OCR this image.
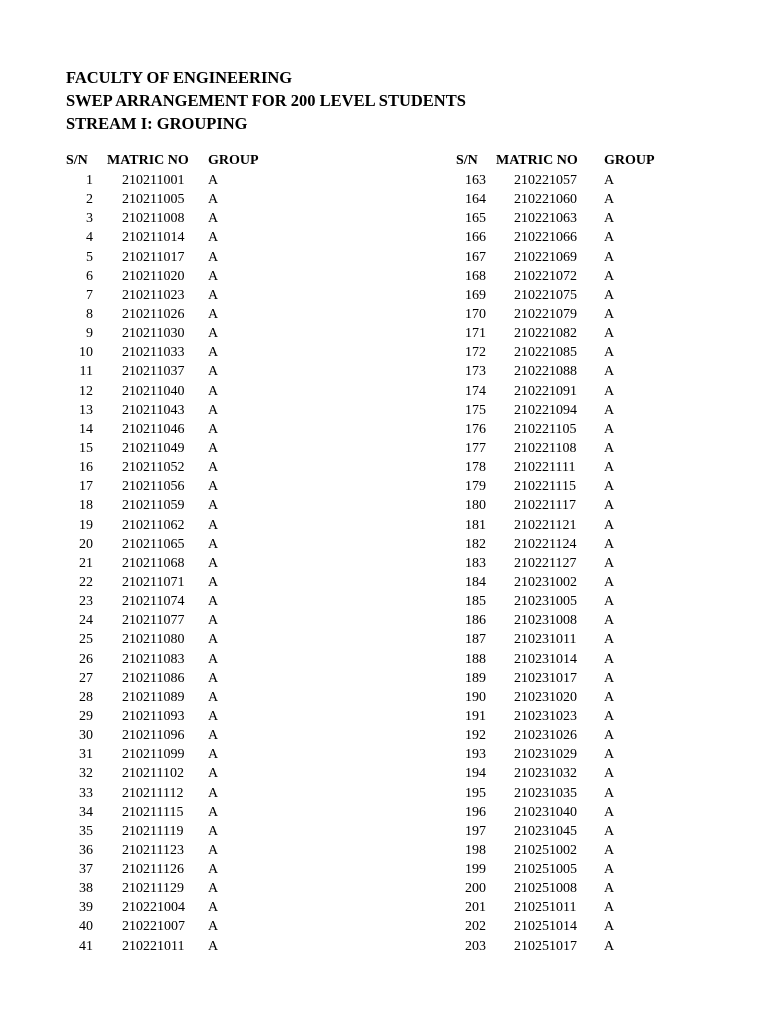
FACULTY OF ENGINEERING
SWEP ARRANGEMENT FOR 200 LEVEL STUDENTS
STREAM I: GROUPING
S/N MATRIC NO GROUP
1 210211001 A
2 210211005 A
3 210211008 A
4 210211014 A
5 210211017 A
6 210211020 A
7 210211023 A
8 210211026 A
9 210211030 A
10 210211033 A
11 210211037 A
12 210211040 A
13 210211043 A
14 210211046 A
15 210211049 A
16 210211052 A
17 210211056 A
18 210211059 A
19 210211062 A
20 210211065 A
21 210211068 A
22 210211071 A
23 210211074 A
24 210211077 A
25 210211080 A
26 210211083 A
27 210211086 A
28 210211089 A
29 210211093 A
30 210211096 A
31 210211099 A
32 210211102 A
33 210211112 A
34 210211115 A
35 210211119 A
36 210211123 A
37 210211126 A
38 210211129 A
39 210221004 A
40 210221007 A
41 210221011 A
S/N MATRIC NO GROUP
163 210221057 A
164 210221060 A
165 210221063 A
166 210221066 A
167 210221069 A
168 210221072 A
169 210221075 A
170 210221079 A
171 210221082 A
172 210221085 A
173 210221088 A
174 210221091 A
175 210221094 A
176 210221105 A
177 210221108 A
178 210221111 A
179 210221115 A
180 210221117 A
181 210221121 A
182 210221124 A
183 210221127 A
184 210231002 A
185 210231005 A
186 210231008 A
187 210231011 A
188 210231014 A
189 210231017 A
190 210231020 A
191 210231023 A
192 210231026 A
193 210231029 A
194 210231032 A
195 210231035 A
196 210231040 A
197 210231045 A
198 210251002 A
199 210251005 A
200 210251008 A
201 210251011 A
202 210251014 A
203 210251017 A
